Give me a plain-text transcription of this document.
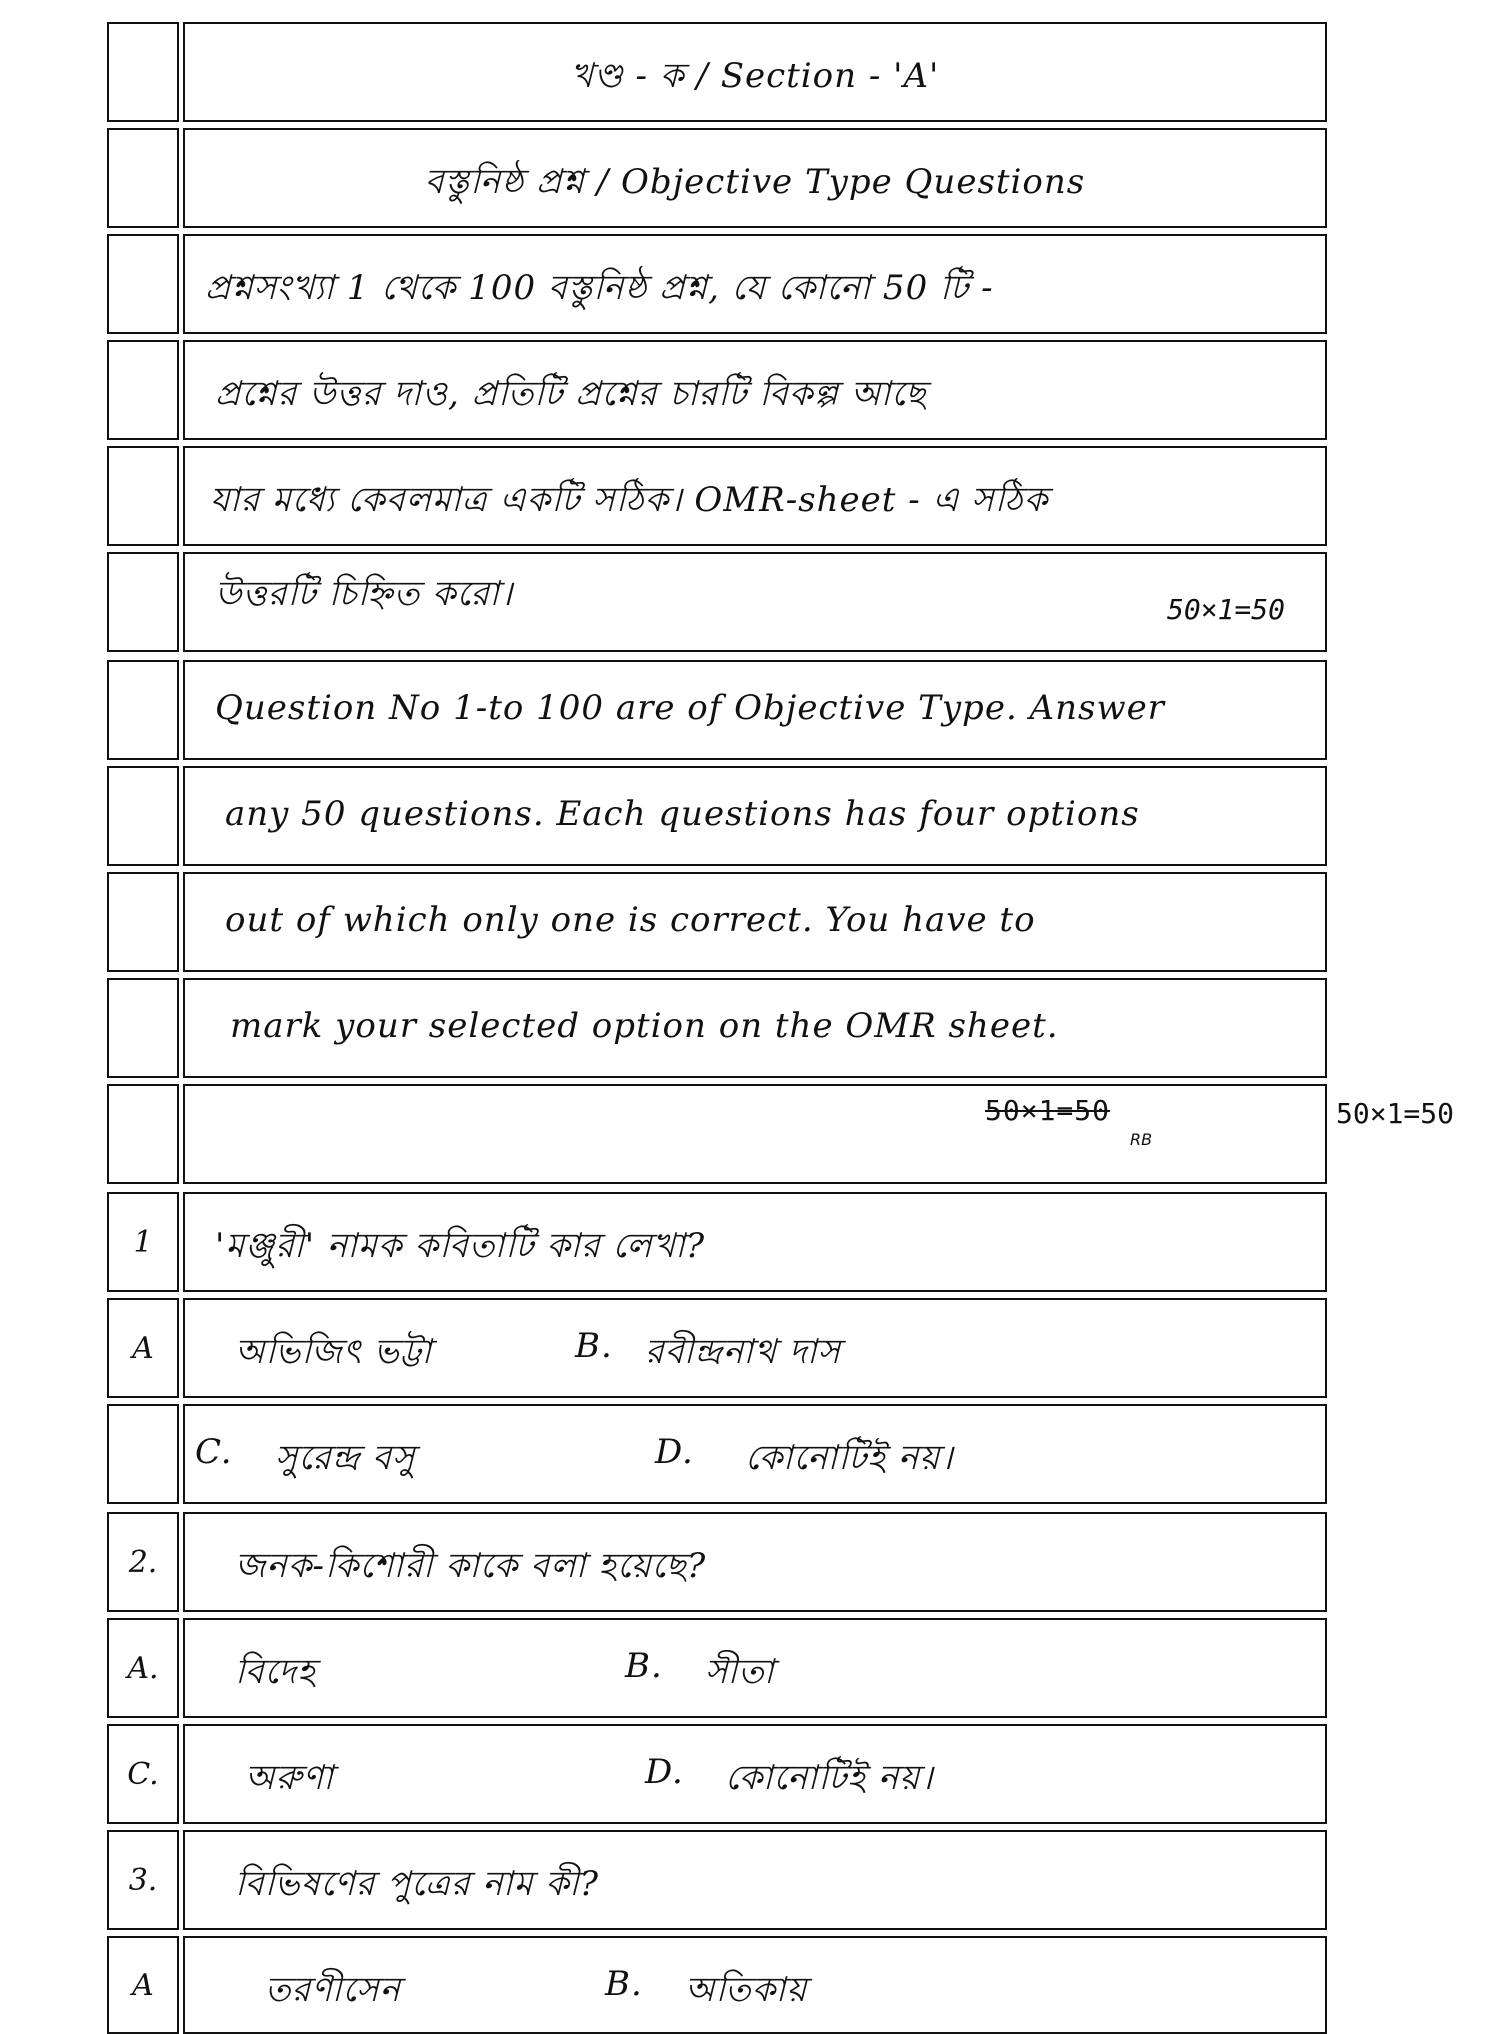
খণ্ড - ক / Section - 'A'
বস্তুনিষ্ঠ প্রশ্ন / Objective Type Questions
প্রশ্নসংখ্যা 1 থেকে 100 বস্তুনিষ্ঠ প্রশ্ন, যে কোনো 50 টি -
প্রশ্নের উত্তর দাও, প্রতিটি প্রশ্নের চারটি বিকল্প আছে
যার মধ্যে কেবলমাত্র একটি সঠিক। OMR-sheet - এ সঠিক
উত্তরটি চিহ্নিত করো।	50×1=50
Question No 1-to 100 are of Objective Type. Answer
any 50 questions. Each questions has four options
out of which only one is correct. You have to
mark your selected option on the OMR sheet.
50×1=50
RB
50×1=50
1	'মঞ্জুরী' নামক কবিতাটি কার লেখা?
A	অভিজিৎ ভট্টা	B. রবীন্দ্রনাথ দাস
C. সুরেন্দ্র বসু	D. কোনোটিই নয়।
2.	জনক-কিশোরী কাকে বলা হয়েছে?
A.	বিদেহ	B. সীতা
C.	অরুণা	D. কোনোটিই নয়।
3.	বিভিষণের পুত্রের নাম কী?
A	তরণীসেন	B. অতিকায়
